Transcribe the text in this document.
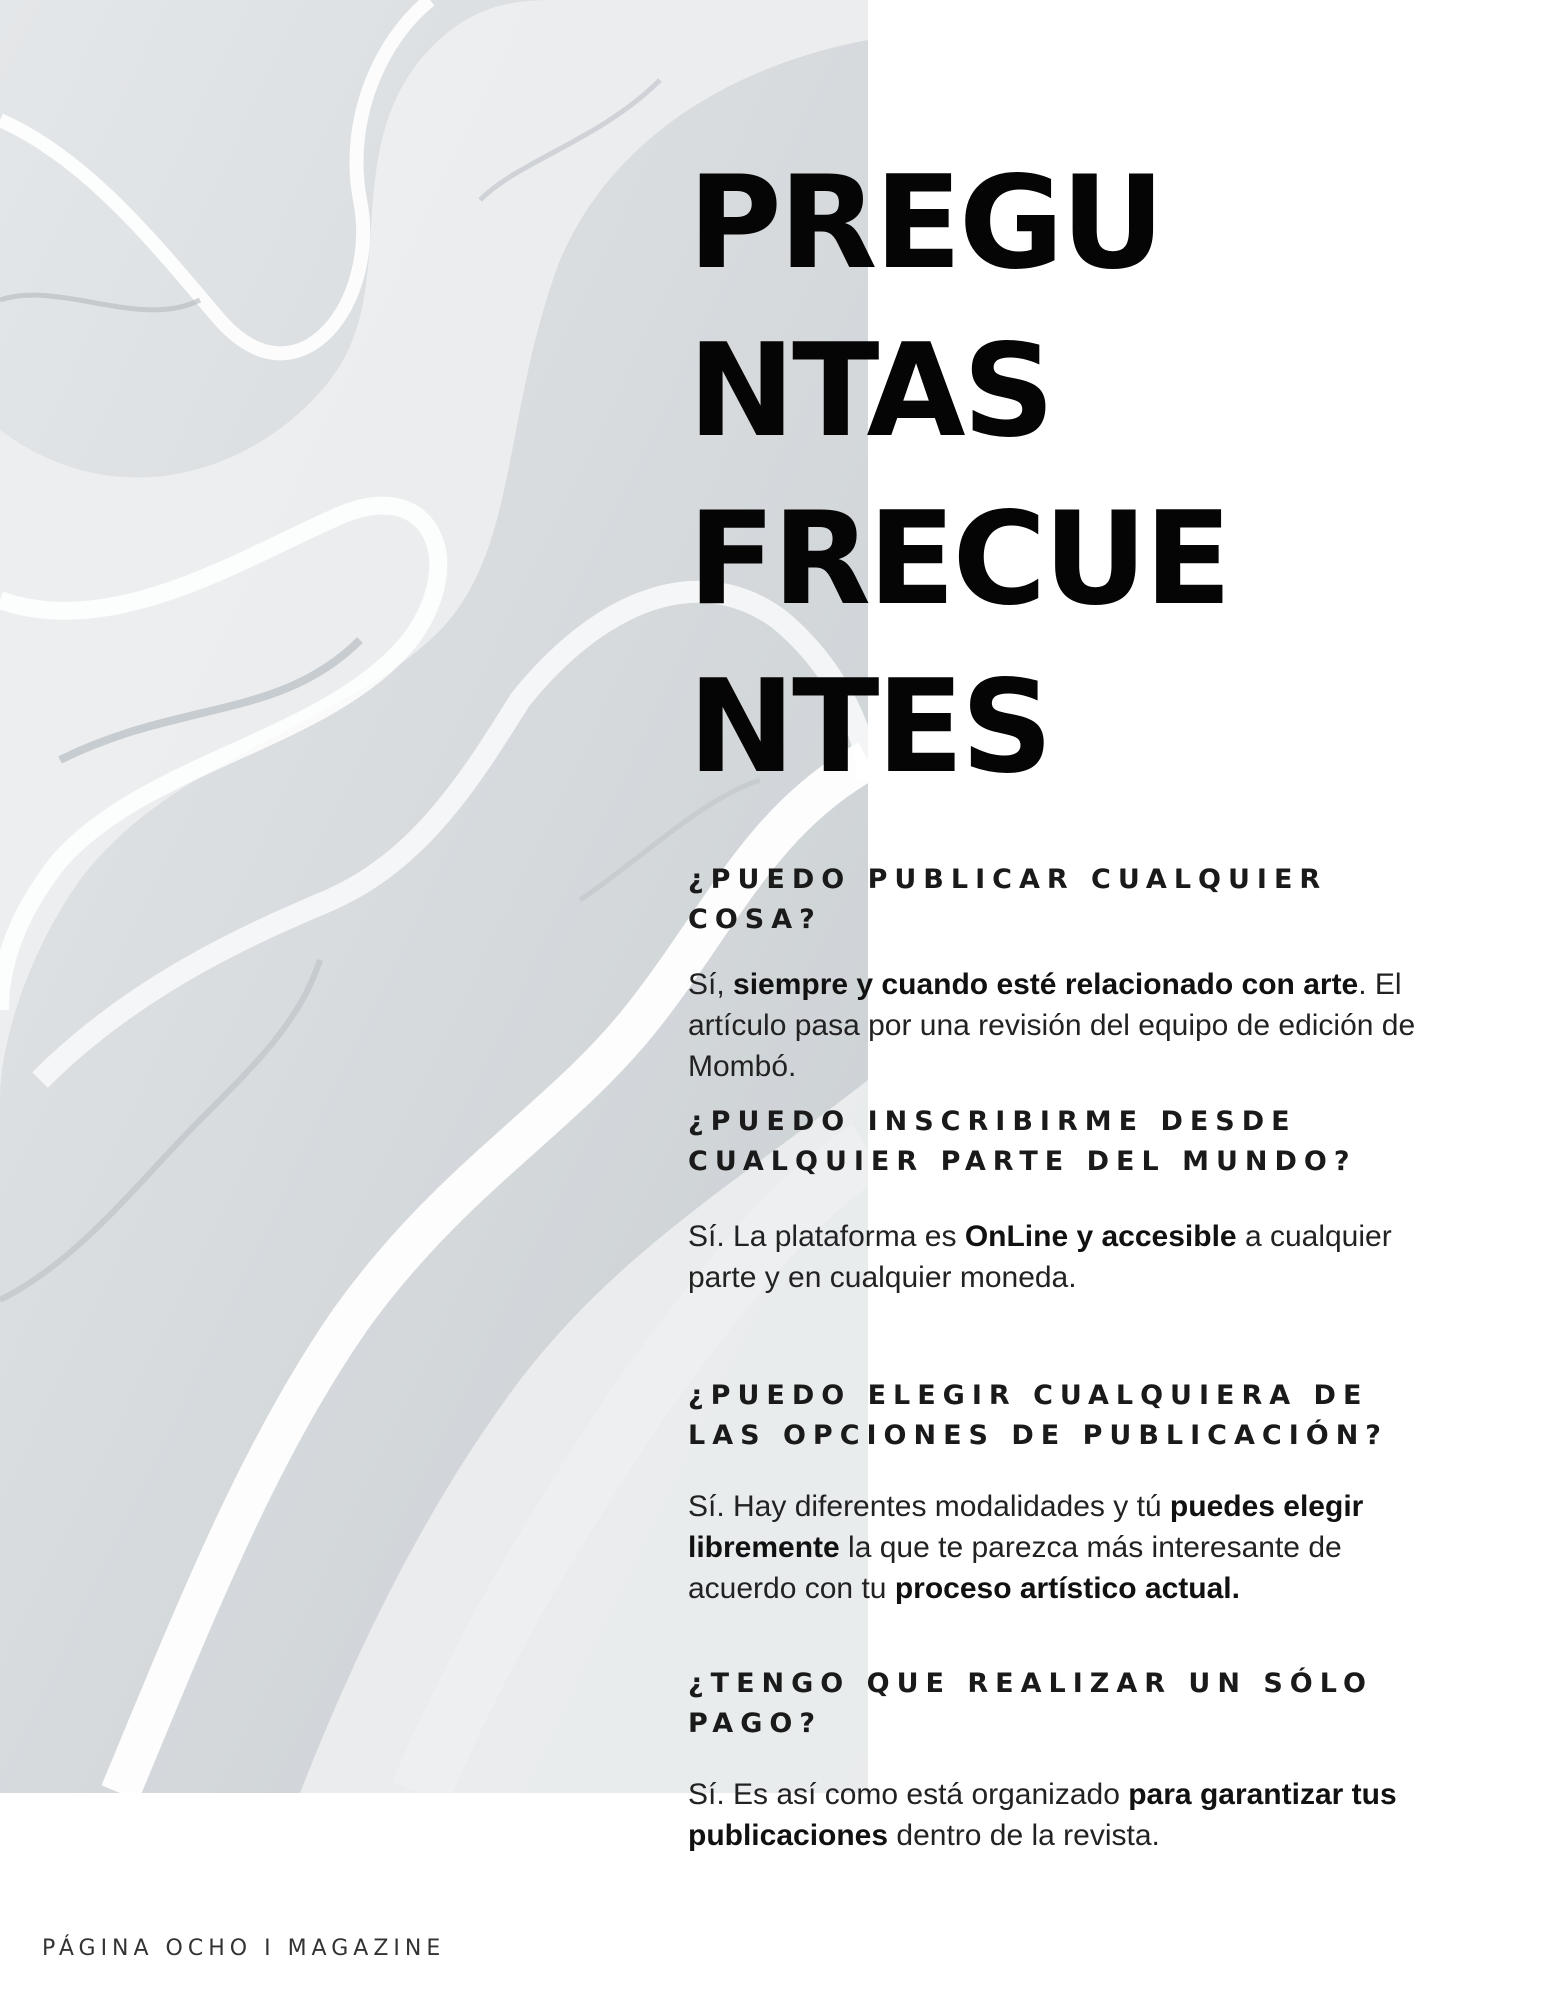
PREGU
NTAS
FRECUE
NTES

¿PUEDO PUBLICAR CUALQUIER COSA?

Sí, siempre y cuando esté relacionado con arte. El artículo pasa por una revisión del equipo de edición de Mombó.

¿PUEDO INSCRIBIRME DESDE CUALQUIER PARTE DEL MUNDO?

Sí. La plataforma es OnLine y accesible a cualquier parte y en cualquier moneda.

¿PUEDO ELEGIR CUALQUIERA DE LAS OPCIONES DE PUBLICACIÓN?

Sí. Hay diferentes modalidades y tú puedes elegir libremente la que te parezca más interesante de acuerdo con tu proceso artístico actual.

¿TENGO QUE REALIZAR UN SÓLO PAGO?

Sí. Es así como está organizado para garantizar tus publicaciones dentro de la revista.

PÁGINA OCHO I MAGAZINE
